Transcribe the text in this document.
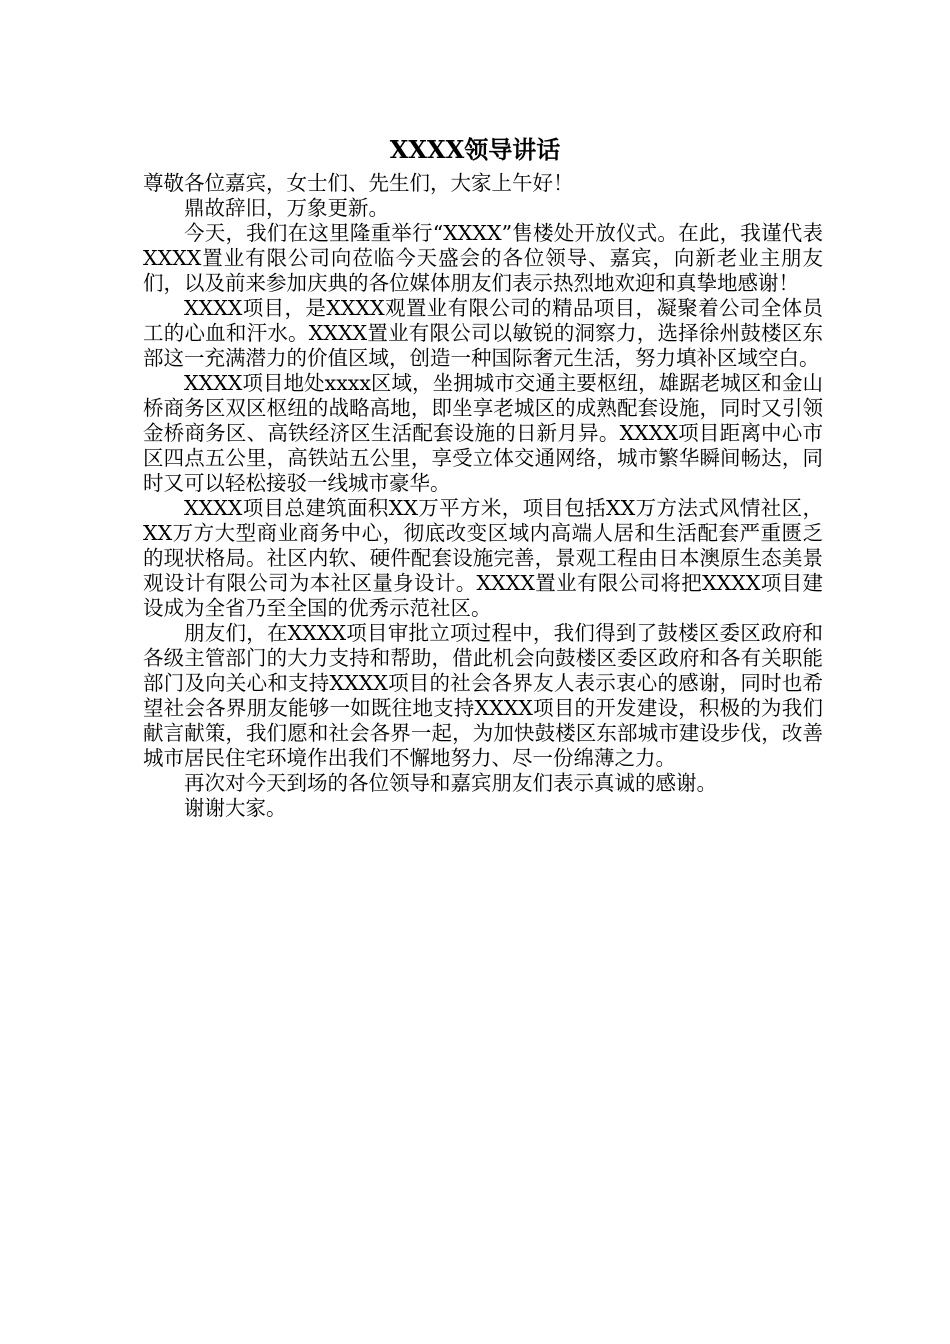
XXXX领导讲话

尊敬各位嘉宾，女士们、先生们，大家上午好！

鼎故辞旧，万象更新。

今天，我们在这里隆重举行“XXXX”售楼处开放仪式。在此，我谨代表XXXX置业有限公司向莅临今天盛会的各位领导、嘉宾，向新老业主朋友们，以及前来参加庆典的各位媒体朋友们表示热烈地欢迎和真挚地感谢！

XXXX项目，是XXXX观置业有限公司的精品项目，凝聚着公司全体员工的心血和汗水。XXXX置业有限公司以敏锐的洞察力，选择徐州鼓楼区东部这一充满潜力的价值区域，创造一种国际奢元生活，努力填补区域空白。

XXXX项目地处xxxx区域，坐拥城市交通主要枢纽，雄踞老城区和金山桥商务区双区枢纽的战略高地，即坐享老城区的成熟配套设施，同时又引领金桥商务区、高铁经济区生活配套设施的日新月异。XXXX项目距离中心市区四点五公里，高铁站五公里，享受立体交通网络，城市繁华瞬间畅达，同时又可以轻松接驳一线城市豪华。

XXXX项目总建筑面积XX万平方米，项目包括XX万方法式风情社区，XX万方大型商业商务中心，彻底改变区域内高端人居和生活配套严重匮乏的现状格局。社区内软、硬件配套设施完善，景观工程由日本澳原生态美景观设计有限公司为本社区量身设计。XXXX置业有限公司将把XXXX项目建设成为全省乃至全国的优秀示范社区。

朋友们，在XXXX项目审批立项过程中，我们得到了鼓楼区委区政府和各级主管部门的大力支持和帮助，借此机会向鼓楼区委区政府和各有关职能部门及向关心和支持XXXX项目的社会各界友人表示衷心的感谢，同时也希望社会各界朋友能够一如既往地支持XXXX项目的开发建设，积极的为我们献言献策，我们愿和社会各界一起，为加快鼓楼区东部城市建设步伐，改善城市居民住宅环境作出我们不懈地努力、尽一份绵薄之力。

再次对今天到场的各位领导和嘉宾朋友们表示真诚的感谢。

谢谢大家。
